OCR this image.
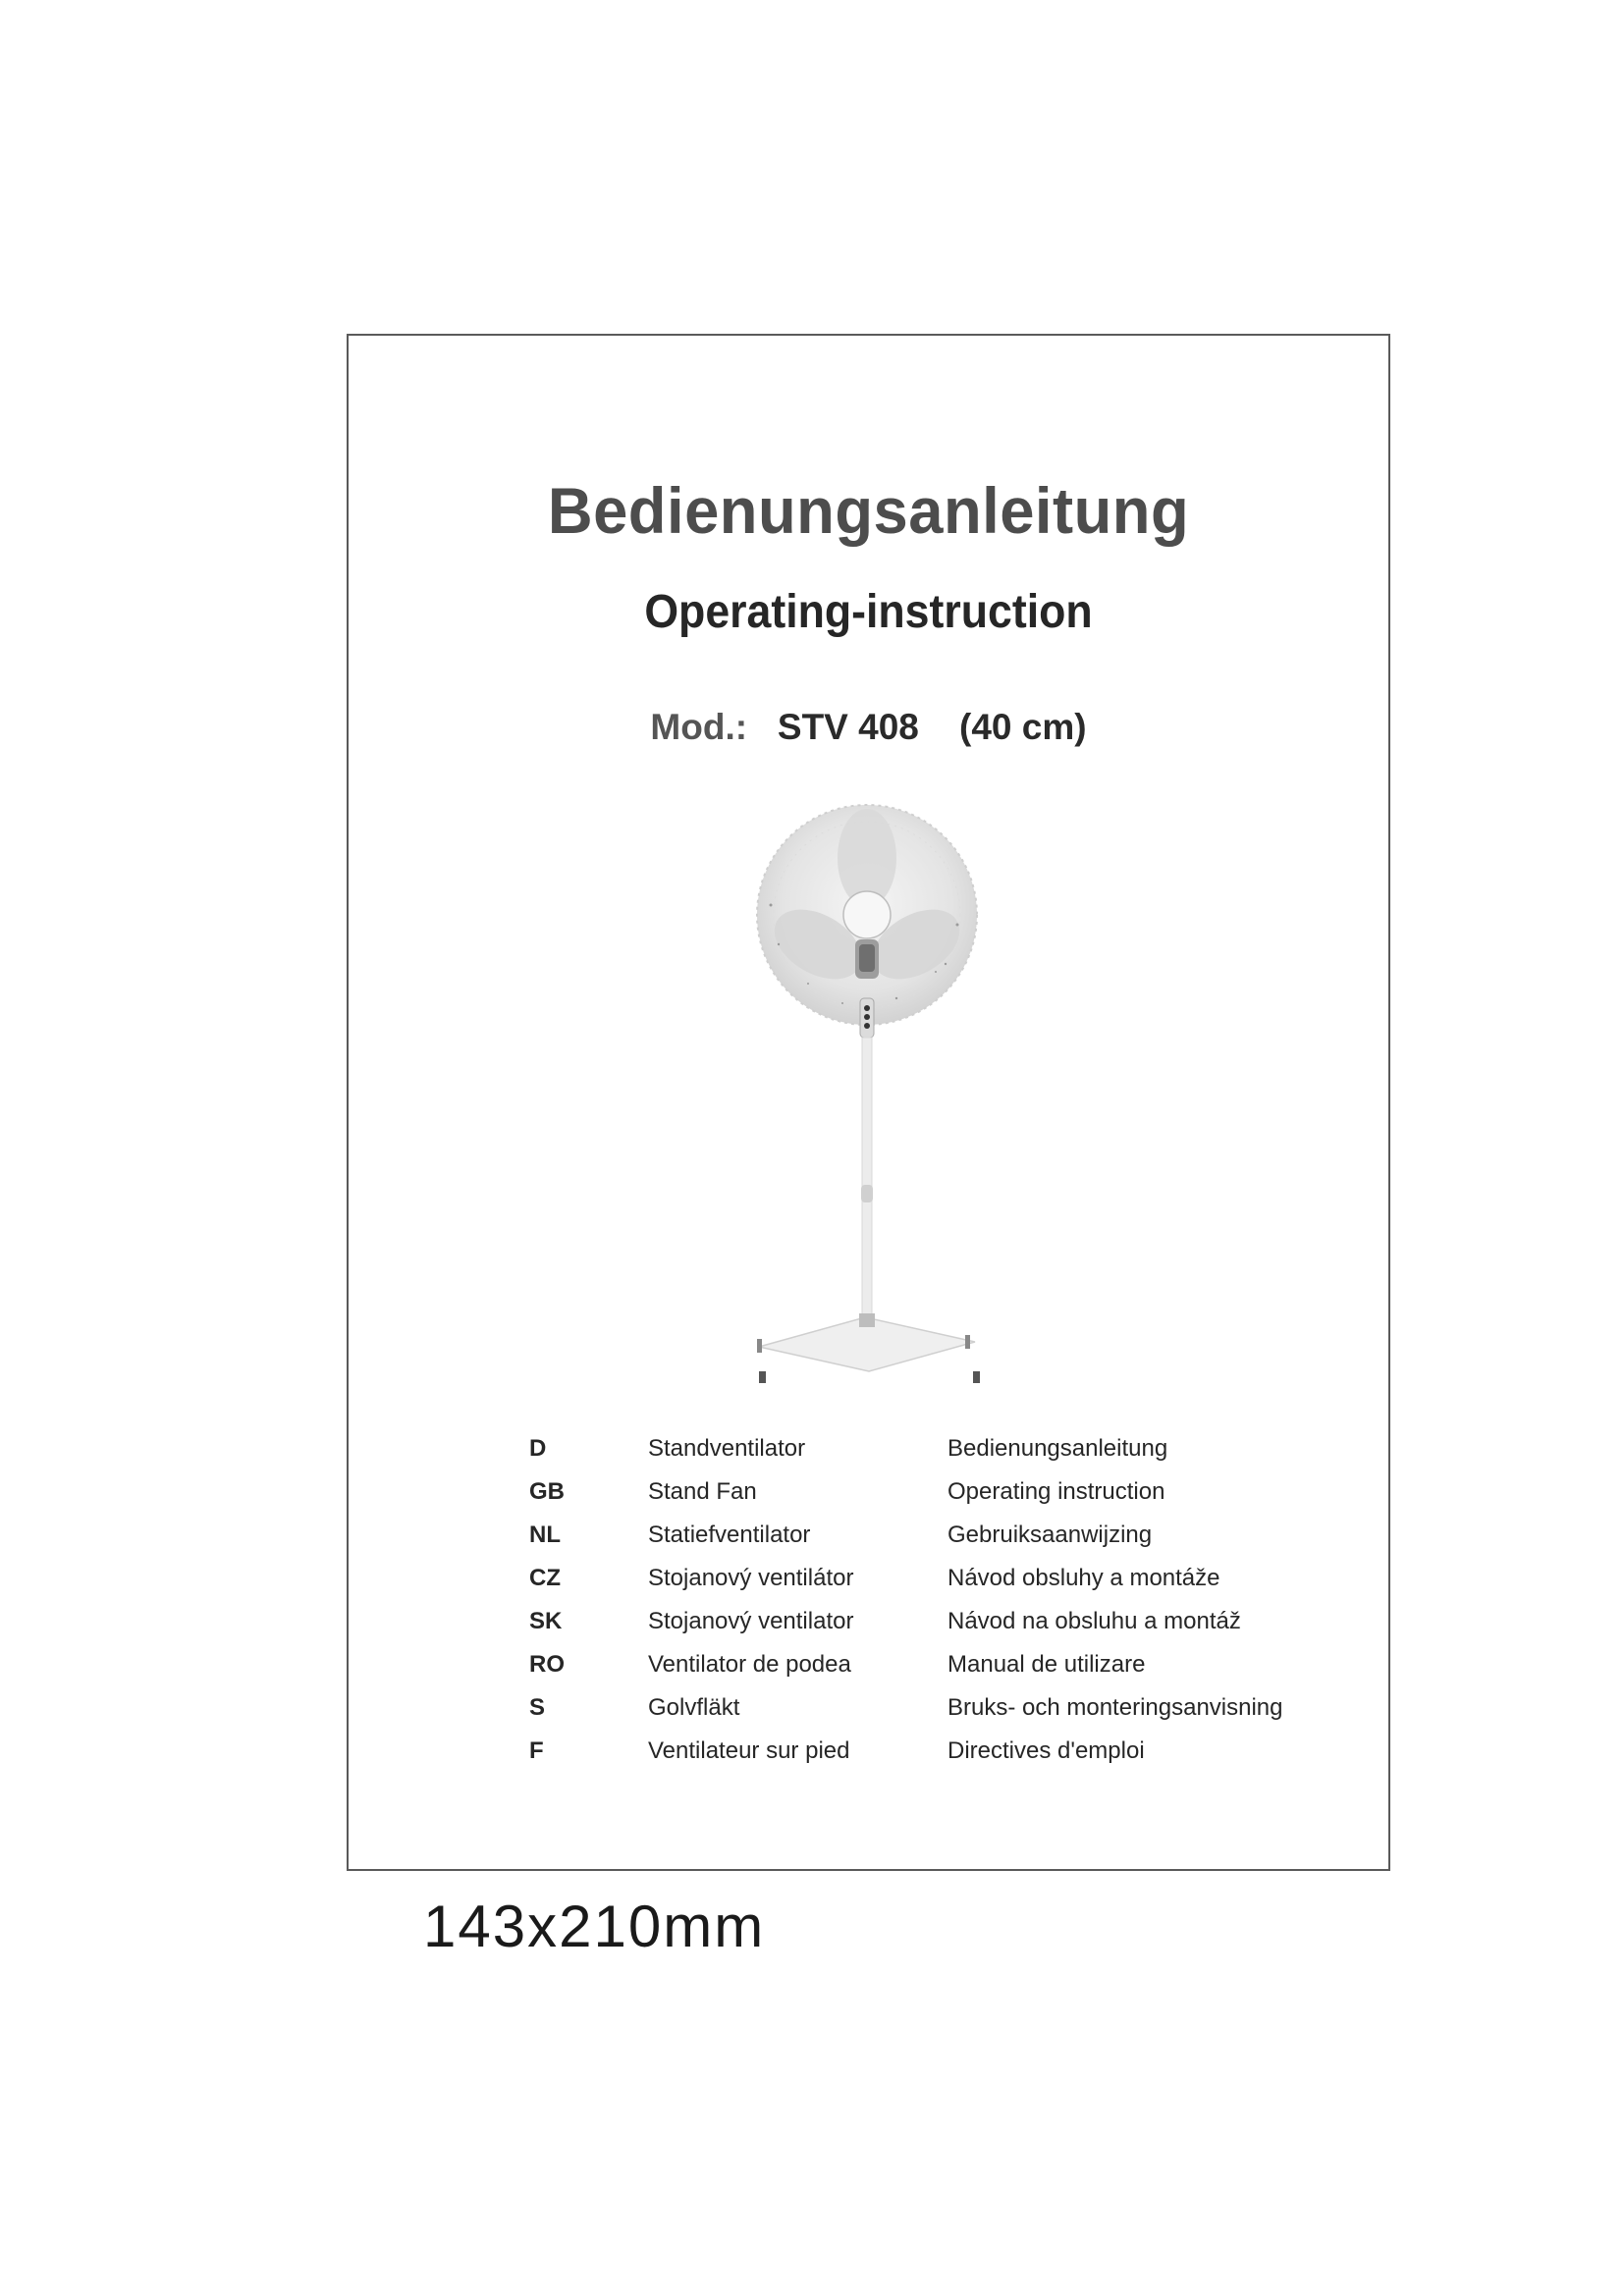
Bedienungsanleitung
Operating-instruction
Mod.: STV 408 (40 cm)
D	Standventilator	Bedienungsanleitung
GB	Stand Fan	Operating instruction
NL	Statiefventilator	Gebruiksaanwijzing
CZ	Stojanový ventilátor	Návod obsluhy a montáže
SK	Stojanový ventilator	Návod na obsluhu a montáž
RO	Ventilator de podea	Manual de utilizare
S	Golvfläkt	Bruks- och monteringsanvisning
F	Ventilateur sur pied	Directives d'emploi
143x210mm
